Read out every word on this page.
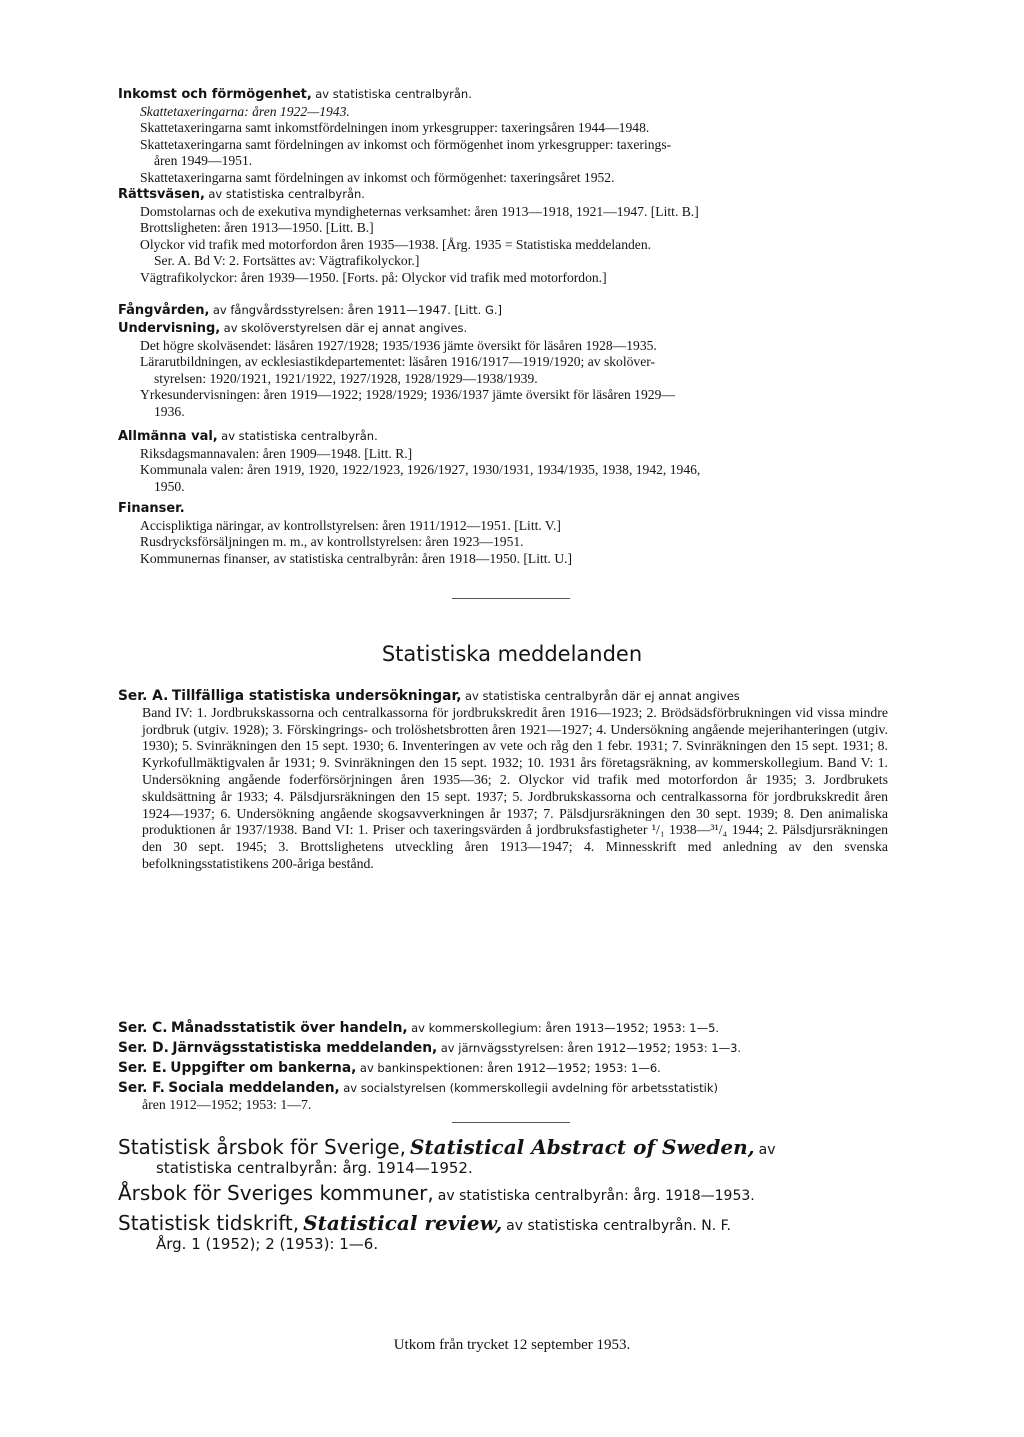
Inkomst och förmögenhet, av statistiska centralbyrån.
Skattetaxeringarna: åren 1922—1943.
Skattetaxeringarna samt inkomstfördelningen inom yrkesgrupper: taxeringsåren 1944—1948.
Skattetaxeringarna samt fördelningen av inkomst och förmögenhet inom yrkesgrupper: taxerings-
åren 1949—1951.
Skattetaxeringarna samt fördelningen av inkomst och förmögenhet: taxeringsåret 1952.
Rättsväsen, av statistiska centralbyrån.
Domstolarnas och de exekutiva myndigheternas verksamhet: åren 1913—1918, 1921—1947. [Litt. B.]
Brottsligheten: åren 1913—1950. [Litt. B.]
Olyckor vid trafik med motorfordon åren 1935—1938. [Årg. 1935 = Statistiska meddelanden.
Ser. A. Bd V: 2. Fortsättes av: Vägtrafikolyckor.]
Vägtrafikolyckor: åren 1939—1950. [Forts. på: Olyckor vid trafik med motorfordon.]
Fångvården, av fångvårdsstyrelsen: åren 1911—1947. [Litt. G.]
Undervisning, av skolöverstyrelsen där ej annat angives.
Det högre skolväsendet: läsåren 1927/1928; 1935/1936 jämte översikt för läsåren 1928—1935.
Lärarutbildningen, av ecklesiastikdepartementet: läsåren 1916/1917—1919/1920; av skolöver-
styrelsen: 1920/1921, 1921/1922, 1927/1928, 1928/1929—1938/1939.
Yrkesundervisningen: åren 1919—1922; 1928/1929; 1936/1937 jämte översikt för läsåren 1929—
1936.
Allmänna val, av statistiska centralbyrån.
Riksdagsmannavalen: åren 1909—1948. [Litt. R.]
Kommunala valen: åren 1919, 1920, 1922/1923, 1926/1927, 1930/1931, 1934/1935, 1938, 1942, 1946,
1950.
Finanser.
Accispliktiga näringar, av kontrollstyrelsen: åren 1911/1912—1951. [Litt. V.]
Rusdrycksförsäljningen m. m., av kontrollstyrelsen: åren 1923—1951.
Kommunernas finanser, av statistiska centralbyrån: åren 1918—1950. [Litt. U.]
Statistiska meddelanden
Ser. A. Tillfälliga statistiska undersökningar, av statistiska centralbyrån där ej annat angives
Band IV: 1. Jordbrukskassorna och centralkassorna för jordbrukskredit åren 1916—1923; 2. Brödsädsförbrukningen vid vissa mindre jordbruk (utgiv. 1928); 3. Förskingrings- och trolöshetsbrotten åren 1921—1927; 4. Undersökning angående mejerihanteringen (utgiv. 1930); 5. Svinräkningen den 15 sept. 1930; 6. Inventeringen av vete och råg den 1 febr. 1931; 7. Svinräkningen den 15 sept. 1931; 8. Kyrkofullmäktigvalen år 1931; 9. Svinräkningen den 15 sept. 1932; 10. 1931 års företagsräkning, av kommerskollegium. Band V: 1. Undersökning angående foderförsörjningen åren 1935—36; 2. Olyckor vid trafik med motorfordon år 1935; 3. Jordbrukets skuldsättning år 1933; 4. Pälsdjursräkningen den 15 sept. 1937; 5. Jordbrukskassorna och centralkassorna för jordbrukskredit åren 1924—1937; 6. Undersökning angående skogsavverkningen år 1937; 7. Pälsdjursräkningen den 30 sept. 1939; 8. Den animaliska produktionen år 1937/1938. Band VI: 1. Priser och taxeringsvärden å jordbruksfastigheter ¹/₁ 1938—³¹/₄ 1944; 2. Pälsdjursräkningen den 30 sept. 1945; 3. Brottslighetens utveckling åren 1913—1947; 4. Minnesskrift med anledning av den svenska befolkningsstatistikens 200-åriga bestånd.
Ser. C. Månadsstatistik över handeln, av kommerskollegium: åren 1913—1952; 1953: 1—5.
Ser. D. Järnvägsstatistiska meddelanden, av järnvägsstyrelsen: åren 1912—1952; 1953: 1—3.
Ser. E. Uppgifter om bankerna, av bankinspektionen: åren 1912—1952; 1953: 1—6.
Ser. F. Sociala meddelanden, av socialstyrelsen (kommerskollegii avdelning för arbetsstatistik)
åren 1912—1952; 1953: 1—7.
Statistisk årsbok för Sverige, Statistical Abstract of Sweden, av
statistiska centralbyrån: årg. 1914—1952.
Årsbok för Sveriges kommuner, av statistiska centralbyrån: årg. 1918—1953.
Statistisk tidskrift, Statistical review, av statistiska centralbyrån. N. F.
Årg. 1 (1952); 2 (1953): 1—6.
Utkom från trycket 12 september 1953.
